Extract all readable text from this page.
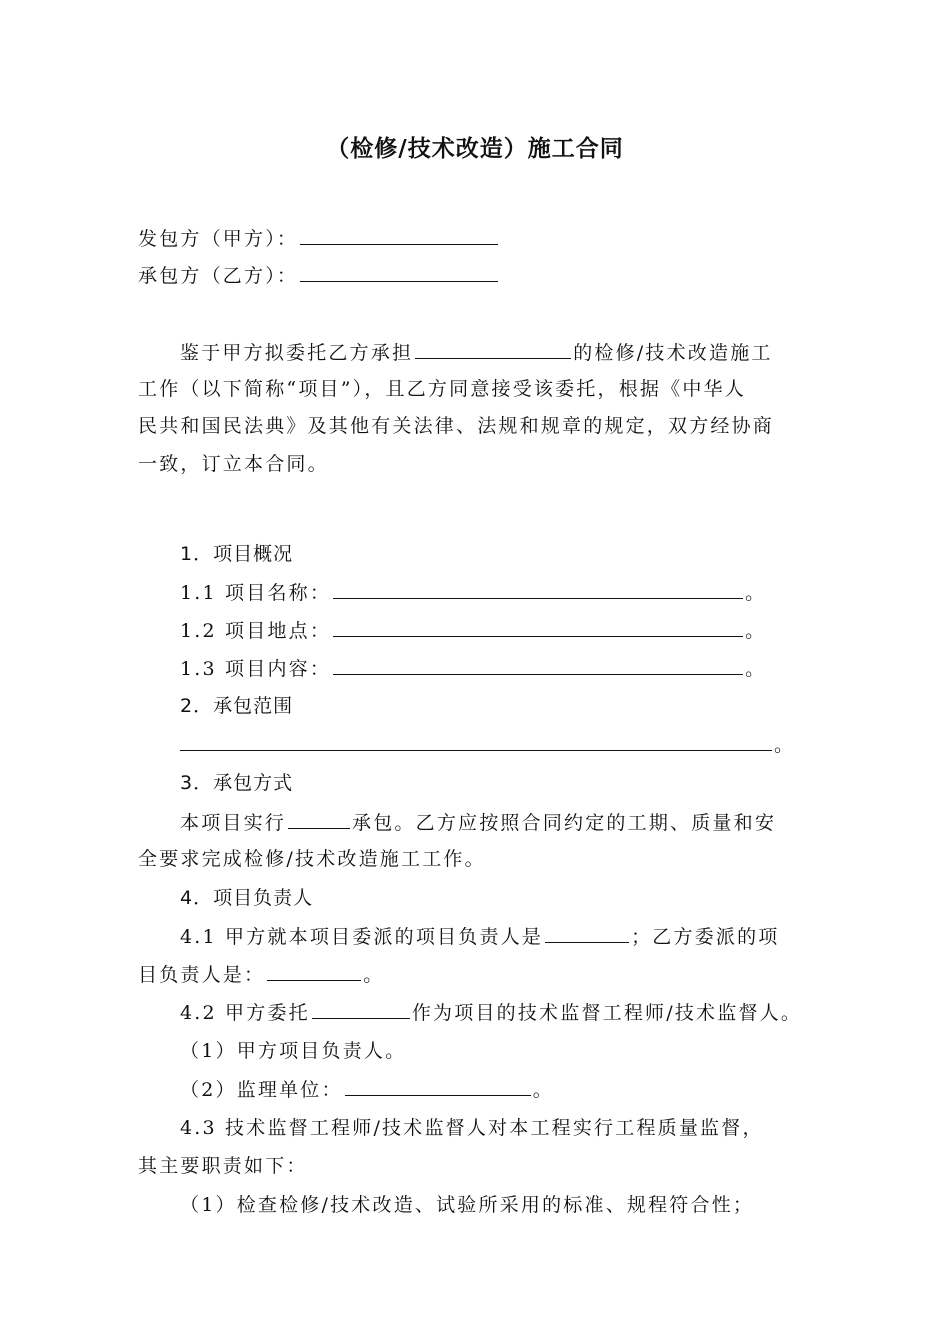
（检修/技术改造）施工合同
发包方（甲方）：
承包方（乙方）：
鉴于甲方拟委托乙方承担	的检修/技术改造施工
工作（以下简称“项目”），且乙方同意接受该委托，根据《中华人
民共和国民法典》及其他有关法律、法规和规章的规定，双方经协商
一致，订立本合同。
1．项目概况
1.1 项目名称：	。
1.2 项目地点：	。
1.3 项目内容：	。
2．承包范围
。
3．承包方式
本项目实行	承包。乙方应按照合同约定的工期、质量和安
全要求完成检修/技术改造施工工作。
4．项目负责人
4.1 甲方就本项目委派的项目负责人是	；乙方委派的项
目负责人是：	。
4.2 甲方委托	作为项目的技术监督工程师/技术监督人。
（1）甲方项目负责人。
（2）监理单位：	。
4.3 技术监督工程师/技术监督人对本工程实行工程质量监督，
其主要职责如下：
（1）检查检修/技术改造、试验所采用的标准、规程符合性；
